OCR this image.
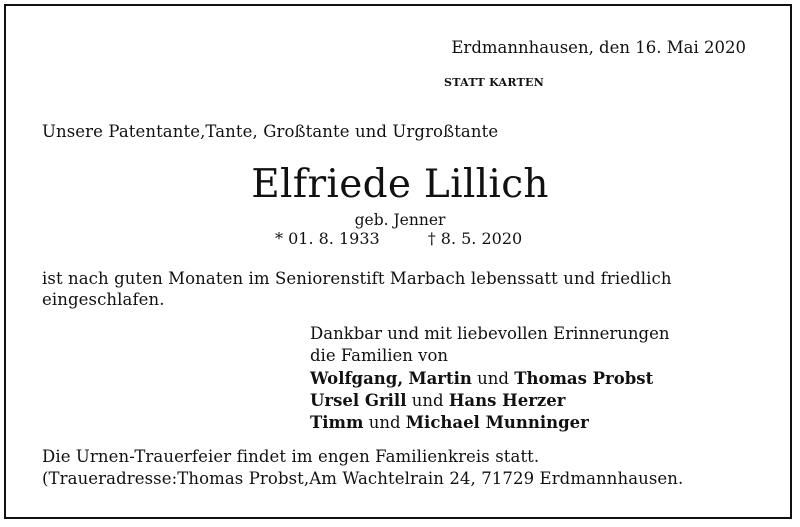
Erdmannhausen, den 16. Mai 2020
STATT KARTEN
Unsere Patentante,Tante, Großtante und Urgroßtante
Elfriede Lillich
geb. Jenner
* 01. 8. 1933	† 8. 5. 2020
ist nach guten Monaten im Seniorenstift Marbach lebenssatt und friedlich
eingeschlafen.
Dankbar und mit liebevollen Erinnerungen
die Familien von
Wolfgang, Martin und Thomas Probst
Ursel Grill und Hans Herzer
Timm und Michael Munninger
Die Urnen-Trauerfeier findet im engen Familienkreis statt.
(Traueradresse:Thomas Probst,Am Wachtelrain 24, 71729 Erdmannhausen.
